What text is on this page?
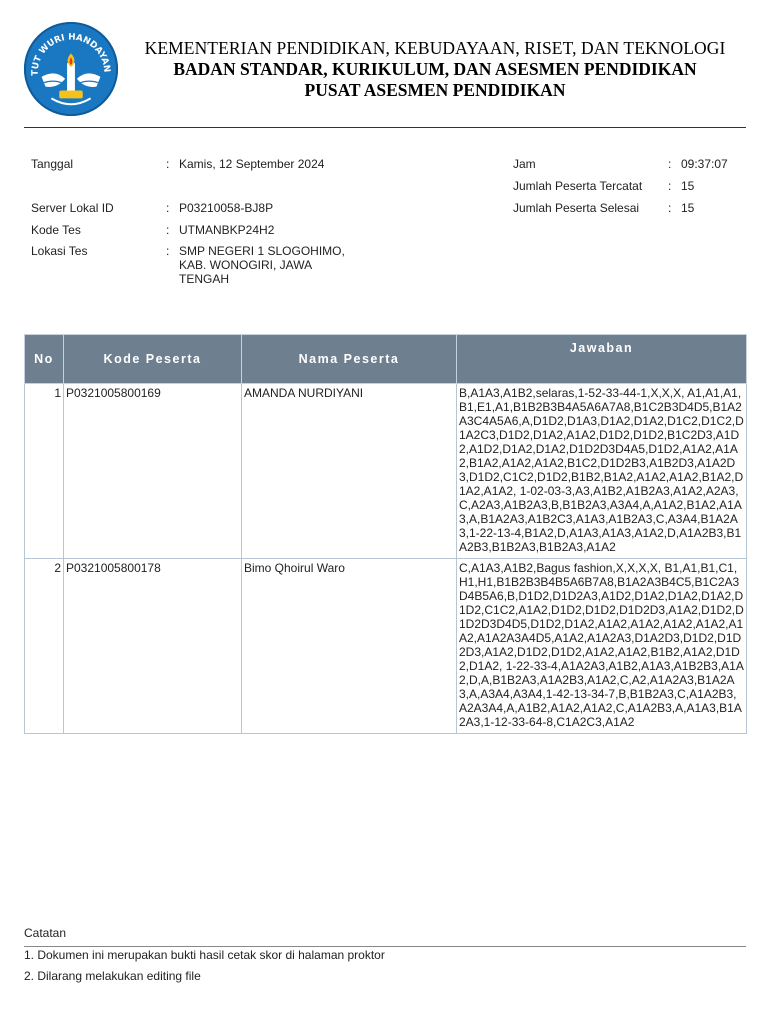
TUT WURI HANDAYAN
KEMENTERIAN PENDIDIKAN, KEBUDAYAAN, RISET, DAN TEKNOLOGI
BADAN STANDAR, KURIKULUM, DAN ASESMEN PENDIDIKAN
PUSAT ASESMEN PENDIDIKAN
Tanggal	: Kamis, 12 September 2024
Server Lokal ID	: P03210058-BJ8P
Kode Tes	: UTMANBKP24H2
Lokasi Tes	: SMP NEGERI 1 SLOGOHIMO, KAB. WONOGIRI, JAWA TENGAH
Jam	: 09:37:07
Jumlah Peserta Tercatat : 15
Jumlah Peserta Selesai : 15
No	Kode Peserta	Nama Peserta	Jawaban
1	P0321005800169	AMANDA NURDIYANI	B,A1A3,A1B2,selaras,1-52-33-44-1,X,X,X, A1,A1,A1,B1,E1,A1,B1B2B3B4A5A6A7A8,B1C2B3D4D5,B1A2A3C4A5A6,A,D1D2,D1A3,D1A2,D1A2,D1C2,D1C2,D1A2C3,D1D2,D1A2,A1A2,D1D2,D1D2,B1C2D3,A1D2,A1D2,D1A2,D1A2,D1D2D3D4A5,D1D2,A1A2,A1A2,B1A2,A1A2,A1A2,B1C2,D1D2B3,A1B2D3,A1A2D3,D1D2,C1C2,D1D2,B1B2,B1A2,A1A2,A1A2,B1A2,D1A2,A1A2, 1-02-03-3,A3,A1B2,A1B2A3,A1A2,A2A3,C,A2A3,A1B2A3,B,B1B2A3,A3A4,A,A1A2,B1A2,A1A3,A,B1A2A3,A1B2C3,A1A3,A1B2A3,C,A3A4,B1A2A3,1-22-13-4,B1A2,D,A1A3,A1A3,A1A2,D,A1A2B3,B1A2B3,B1B2A3,B1B2A3,A1A2
2	P0321005800178	Bimo Qhoirul Waro	C,A1A3,A1B2,Bagus fashion,X,X,X,X, B1,A1,B1,C1,H1,H1,B1B2B3B4B5A6B7A8,B1A2A3B4C5,B1C2A3D4B5A6,B,D1D2,D1D2A3,A1D2,D1A2,D1A2,D1A2,D1D2,C1C2,A1A2,D1D2,D1D2,D1D2D3,A1A2,D1D2,D1D2D3D4D5,D1D2,D1A2,A1A2,A1A2,A1A2,A1A2,A1A2,A1A2A3A4D5,A1A2,A1A2A3,D1A2D3,D1D2,D1D2D3,A1A2,D1D2,D1D2,A1A2,A1A2,B1B2,A1A2,D1D2,D1A2, 1-22-33-4,A1A2A3,A1B2,A1A3,A1B2B3,A1A2,D,A,B1B2A3,A1A2B3,A1A2,C,A2,A1A2A3,B1A2A3,A,A3A4,A3A4,1-42-13-34-7,B,B1B2A3,C,A1A2B3,A2A3A4,A,A1B2,A1A2,A1A2,C,A1A2B3,A,A1A3,B1A2A3,1-12-33-64-8,C1A2C3,A1A2
Catatan
1. Dokumen ini merupakan bukti hasil cetak skor di halaman proktor
2. Dilarang melakukan editing file
